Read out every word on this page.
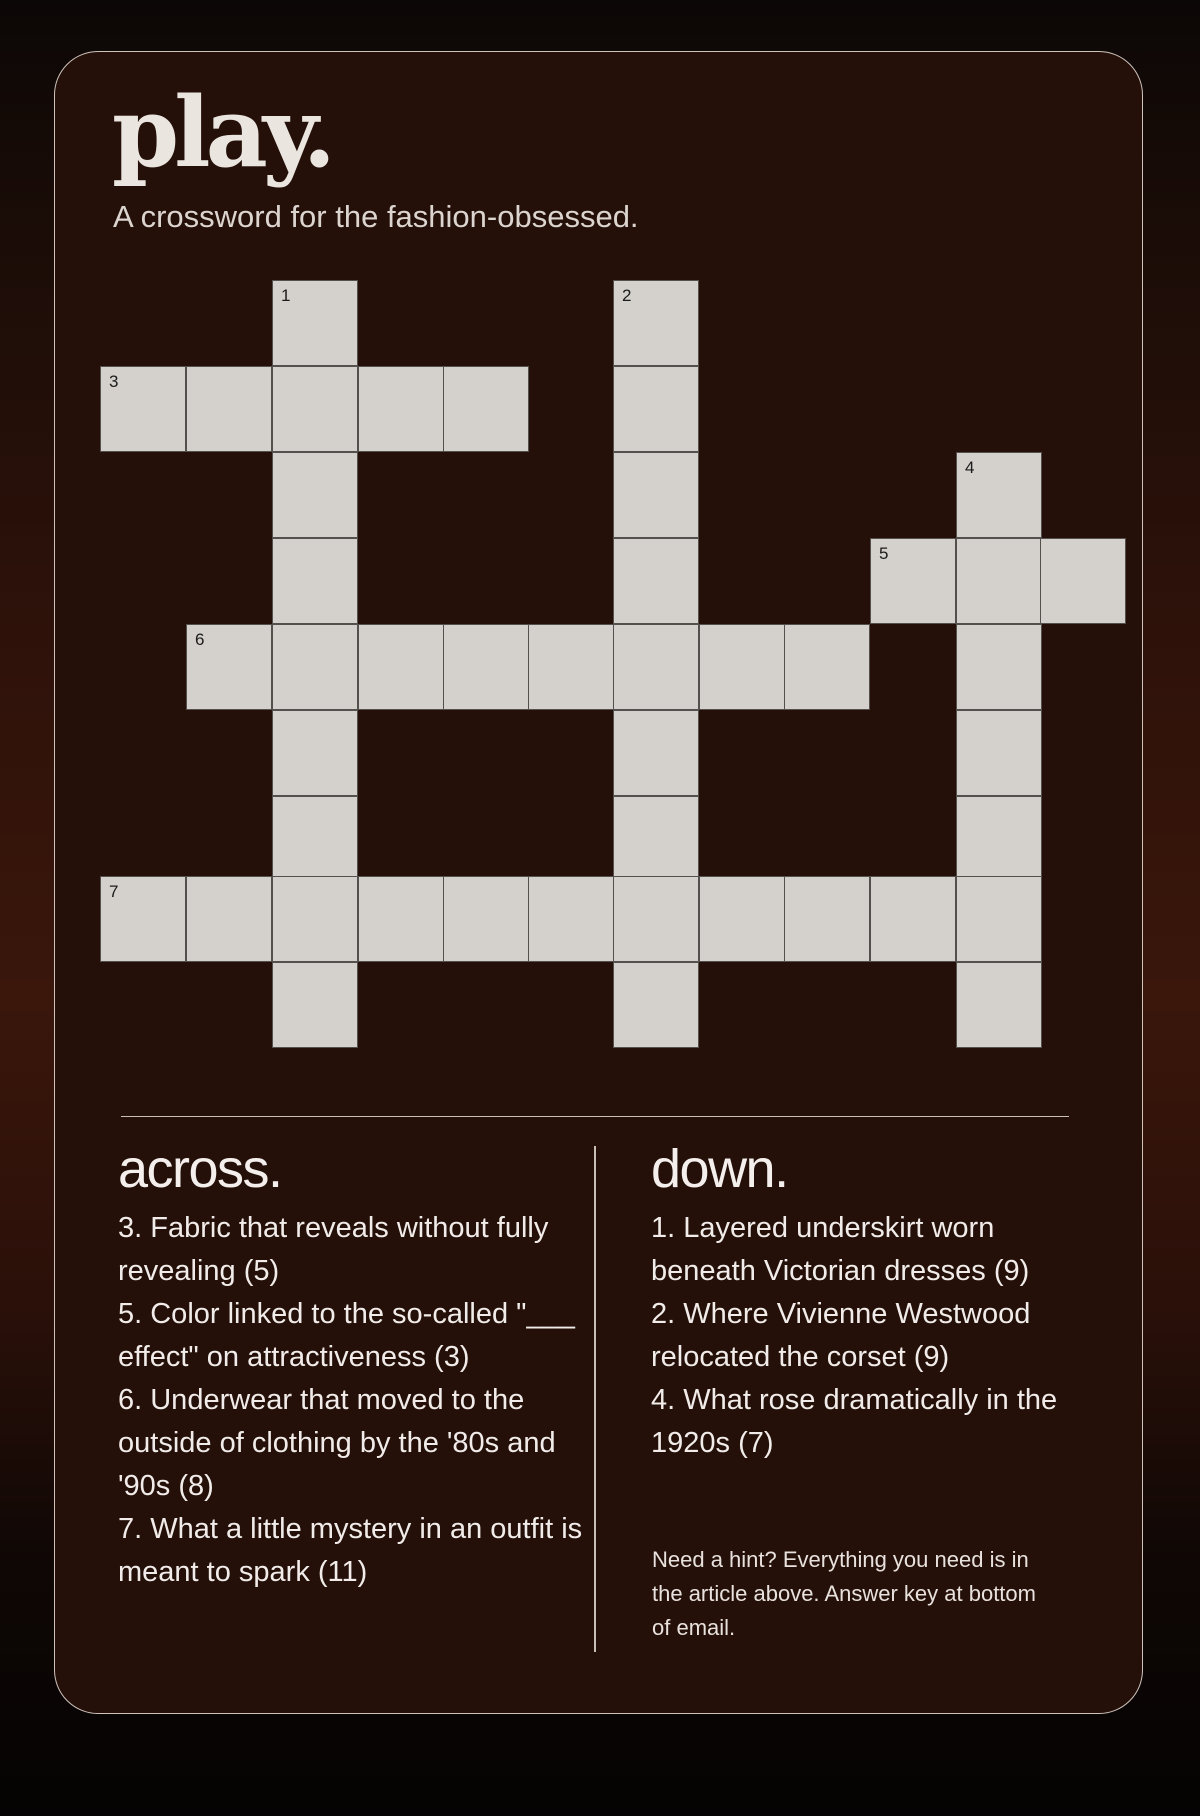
play.
A crossword for the fashion-obsessed.
1	2
3
4
5
6
7
across.
3. Fabric that reveals without fully revealing (5)
5. Color linked to the so-called "___ effect" on attractiveness (3)
6. Underwear that moved to the outside of clothing by the '80s and '90s (8)
7. What a little mystery in an outfit is meant to spark (11)
down.
1. Layered underskirt worn beneath Victorian dresses (9)
2. Where Vivienne Westwood relocated the corset (9)
4. What rose dramatically in the 1920s (7)
Need a hint? Everything you need is in the article above. Answer key at bottom of email.
